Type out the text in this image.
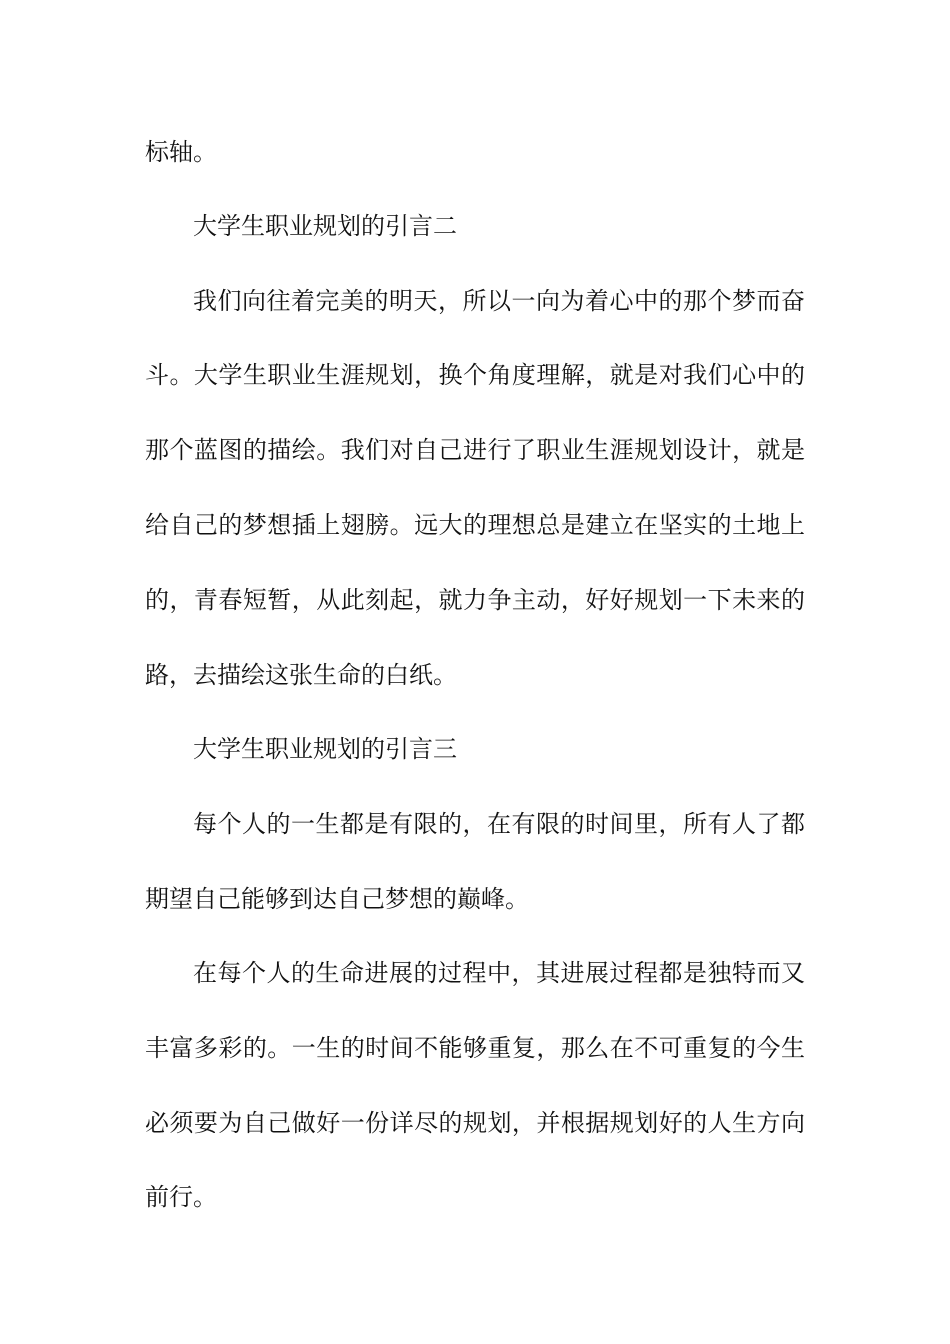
标轴。
大学生职业规划的引言二
我们向往着完美的明天，所以一向为着心中的那个梦而奋
斗。大学生职业生涯规划，换个角度理解，就是对我们心中的
那个蓝图的描绘。我们对自己进行了职业生涯规划设计，就是
给自己的梦想插上翅膀。远大的理想总是建立在坚实的土地上
的，青春短暂，从此刻起，就力争主动，好好规划一下未来的
路，去描绘这张生命的白纸。
大学生职业规划的引言三
每个人的一生都是有限的，在有限的时间里，所有人了都
期望自己能够到达自己梦想的巅峰。
在每个人的生命进展的过程中，其进展过程都是独特而又
丰富多彩的。一生的时间不能够重复，那么在不可重复的今生
必须要为自己做好一份详尽的规划，并根据规划好的人生方向
前行。
